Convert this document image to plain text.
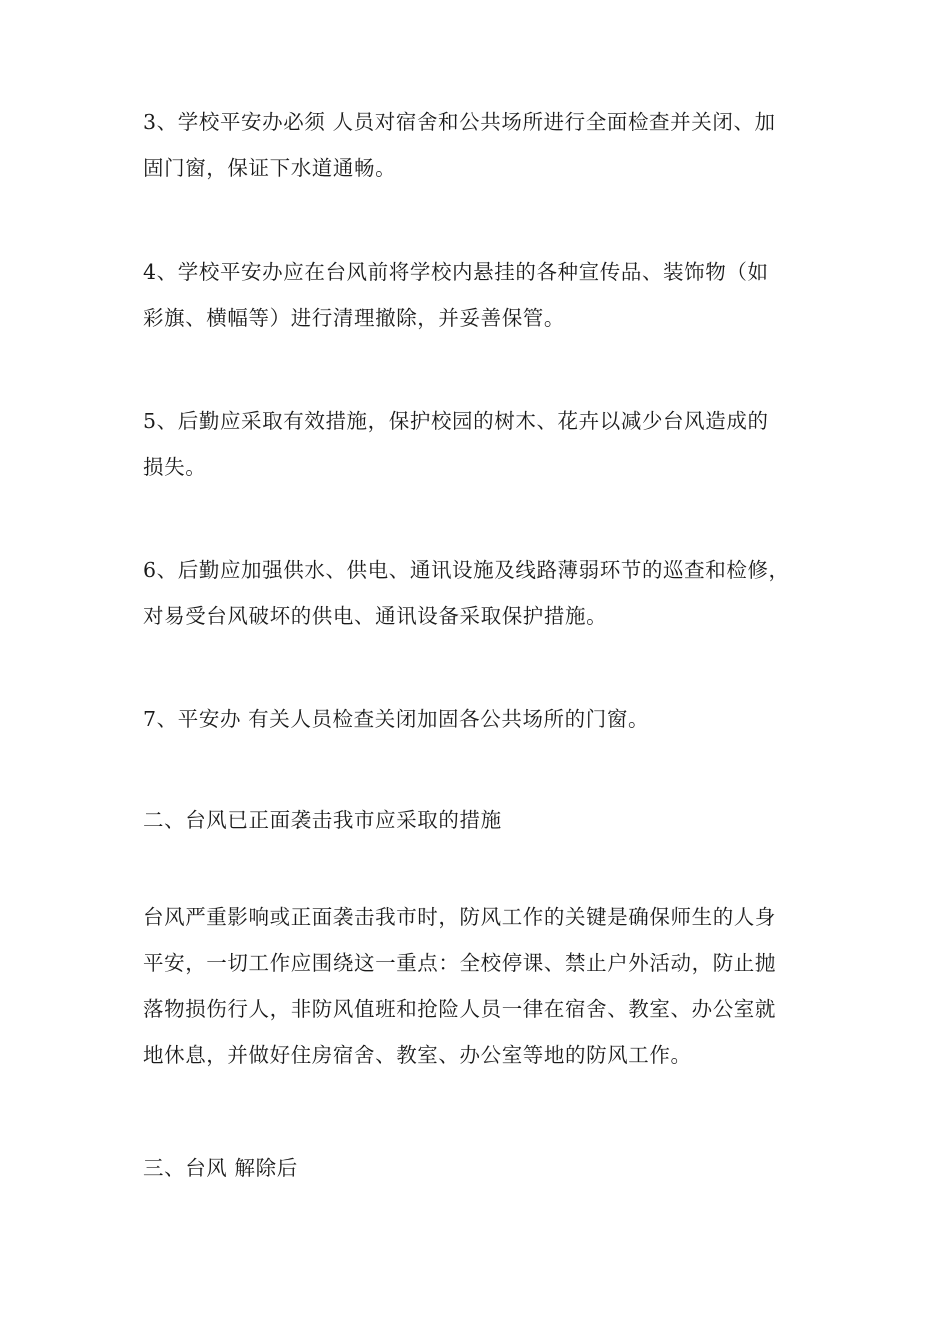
3、学校平安办必须 人员对宿舍和公共场所进行全面检查并关闭、加
固门窗，保证下水道通畅。

4、学校平安办应在台风前将学校内悬挂的各种宣传品、装饰物（如
彩旗、横幅等）进行清理撤除，并妥善保管。

5、后勤应采取有效措施，保护校园的树木、花卉以减少台风造成的
损失。

6、后勤应加强供水、供电、通讯设施及线路薄弱环节的巡查和检修，
对易受台风破坏的供电、通讯设备采取保护措施。

7、平安办 有关人员检查关闭加固各公共场所的门窗。

二、台风已正面袭击我市应采取的措施

台风严重影响或正面袭击我市时，防风工作的关键是确保师生的人身
平安，一切工作应围绕这一重点：全校停课、禁止户外活动，防止抛
落物损伤行人，非防风值班和抢险人员一律在宿舍、教室、办公室就
地休息，并做好住房宿舍、教室、办公室等地的防风工作。

三、台风 解除后
